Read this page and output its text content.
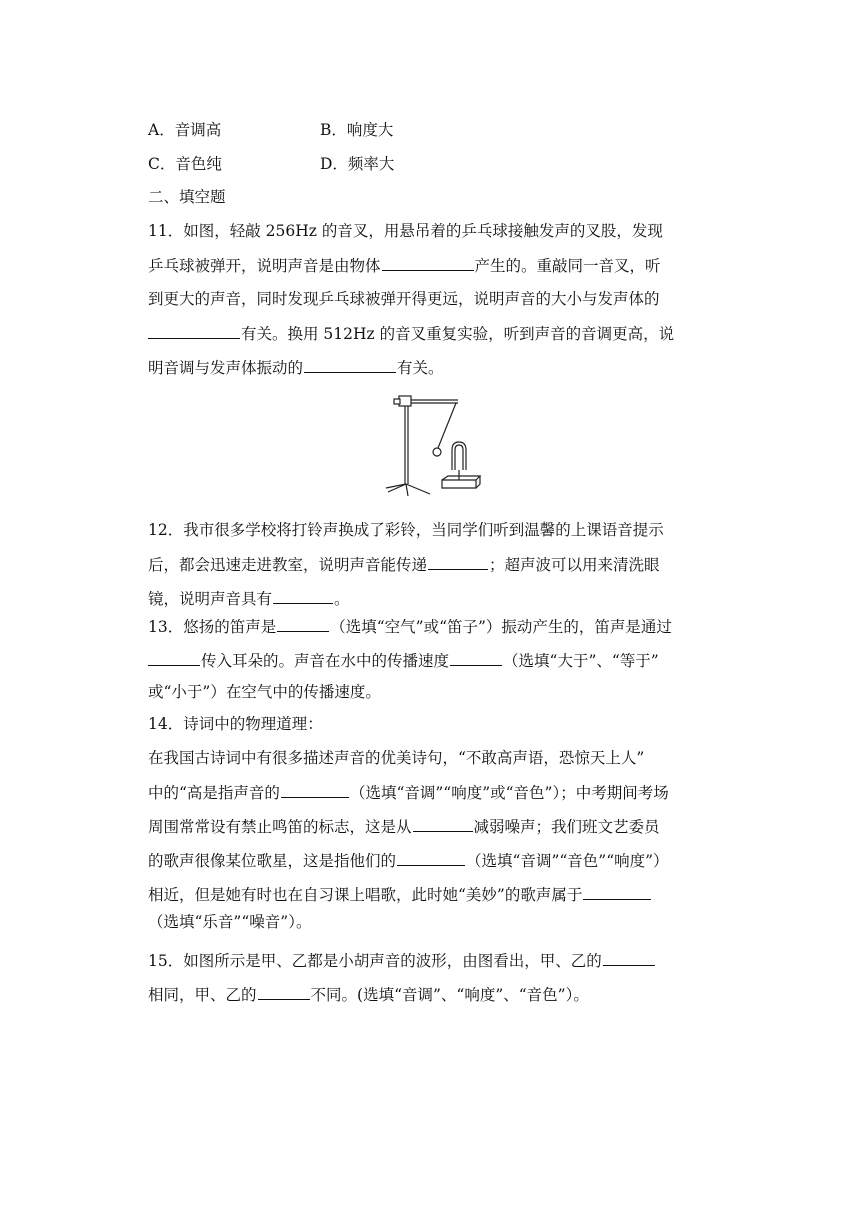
A．音调高	B．响度大
C．音色纯	D．频率大
二、填空题
11．如图，轻敲 256Hz 的音叉，用悬吊着的乒乓球接触发声的叉股，发现
乒乓球被弹开，说明声音是由物体	产生的。重敲同一音叉，听
到更大的声音，同时发现乒乓球被弹开得更远，说明声音的大小与发声体的
有关。换用 512Hz 的音叉重复实验，听到声音的音调更高，说
明音调与发声体振动的	有关。
12．我市很多学校将打铃声换成了彩铃，当同学们听到温馨的上课语音提示
后，都会迅速走进教室，说明声音能传递	；超声波可以用来清洗眼
镜，说明声音具有	。
13．悠扬的笛声是	（选填“空气”或“笛子”）振动产生的，笛声是通过
传入耳朵的。声音在水中的传播速度	（选填“大于”、“等于”
或“小于”）在空气中的传播速度。
14．诗词中的物理道理：
在我国古诗词中有很多描述声音的优美诗句，“不敢高声语，恐惊天上人”
中的“高是指声音的	（选填“音调”“响度”或“音色”）；中考期间考场
周围常常设有禁止鸣笛的标志，这是从	减弱噪声；我们班文艺委员
的歌声很像某位歌星，这是指他们的	（选填“音调”“音色”“响度”）
相近，但是她有时也在自习课上唱歌，此时她“美妙”的歌声属于
（选填“乐音”“噪音”）。
15．如图所示是甲、乙都是小胡声音的波形，由图看出，甲、乙的
相同，甲、乙的	不同。(选填“音调”、“响度”、“音色”）。
